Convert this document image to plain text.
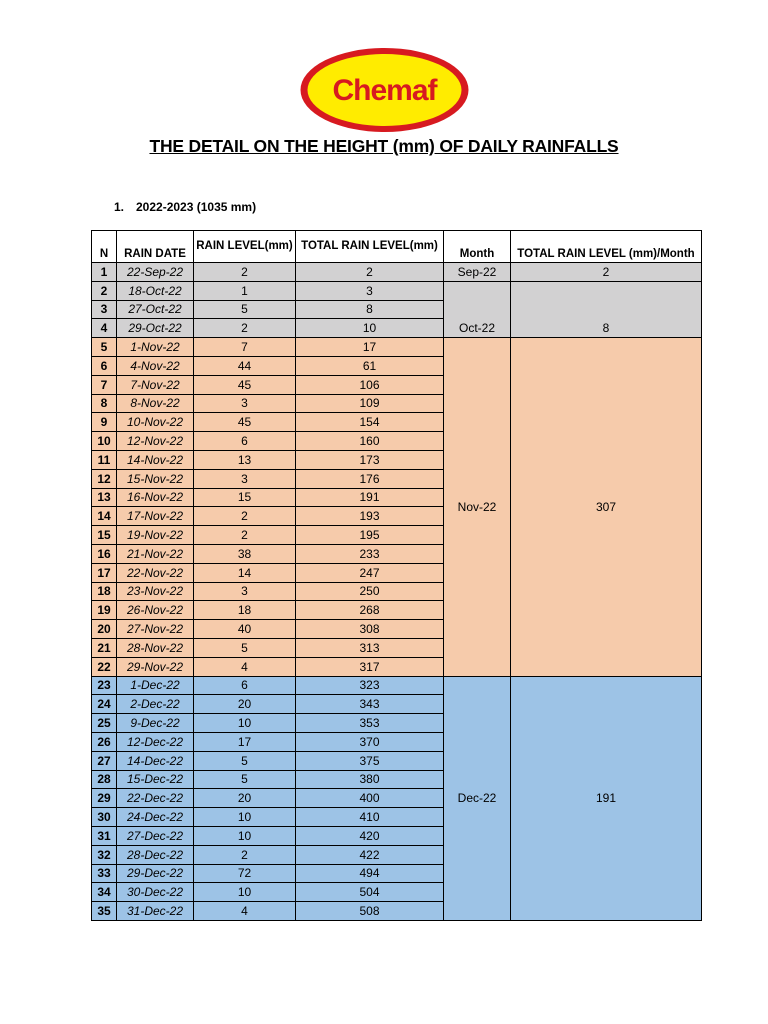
Chemaf
THE DETAIL ON THE HEIGHT (mm) OF DAILY RAINFALLS
1. 2022-2023 (1035 mm)
N	RAIN DATE	RAIN LEVEL(mm)	TOTAL RAIN LEVEL(mm)	Month	TOTAL RAIN LEVEL (mm)/Month
1	22-Sep-22	2	2	Sep-22	2
2	18-Oct-22	1	3	Oct-22	8
3	27-Oct-22	5	8		
4	29-Oct-22	2	10		
5	1-Nov-22	7	17	Nov-22	307
6	4-Nov-22	44	61		
7	7-Nov-22	45	106		
8	8-Nov-22	3	109		
9	10-Nov-22	45	154		
10	12-Nov-22	6	160		
11	14-Nov-22	13	173		
12	15-Nov-22	3	176		
13	16-Nov-22	15	191		
14	17-Nov-22	2	193		
15	19-Nov-22	2	195		
16	21-Nov-22	38	233		
17	22-Nov-22	14	247		
18	23-Nov-22	3	250		
19	26-Nov-22	18	268		
20	27-Nov-22	40	308		
21	28-Nov-22	5	313		
22	29-Nov-22	4	317		
23	1-Dec-22	6	323	Dec-22	191
24	2-Dec-22	20	343		
25	9-Dec-22	10	353		
26	12-Dec-22	17	370		
27	14-Dec-22	5	375		
28	15-Dec-22	5	380		
29	22-Dec-22	20	400		
30	24-Dec-22	10	410		
31	27-Dec-22	10	420		
32	28-Dec-22	2	422		
33	29-Dec-22	72	494		
34	30-Dec-22	10	504		
35	31-Dec-22	4	508		
